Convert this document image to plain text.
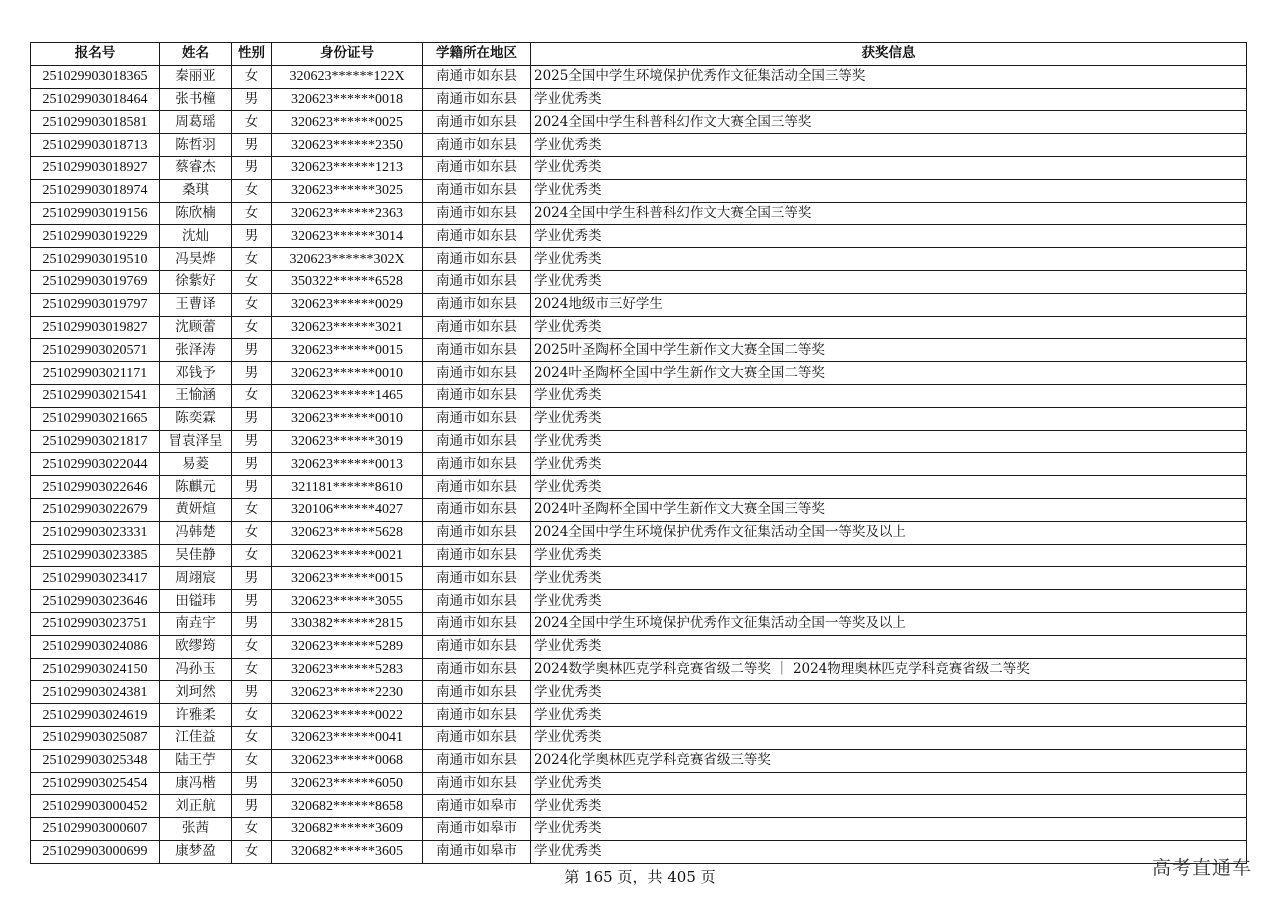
报名号	姓名	性别	身份证号	学籍所在地区	获奖信息
251029903018365	秦丽亚	女	320623******122X	南通市如东县	2025全国中学生环境保护优秀作文征集活动全国三等奖
251029903018464	张书橦	男	320623******0018	南通市如东县	学业优秀类
251029903018581	周葛瑶	女	320623******0025	南通市如东县	2024全国中学生科普科幻作文大赛全国三等奖
251029903018713	陈哲羽	男	320623******2350	南通市如东县	学业优秀类
251029903018927	蔡睿杰	男	320623******1213	南通市如东县	学业优秀类
251029903018974	桑琪	女	320623******3025	南通市如东县	学业优秀类
251029903019156	陈欣楠	女	320623******2363	南通市如东县	2024全国中学生科普科幻作文大赛全国三等奖
251029903019229	沈灿	男	320623******3014	南通市如东县	学业优秀类
251029903019510	冯昊烨	女	320623******302X	南通市如东县	学业优秀类
251029903019769	徐紫好	女	350322******6528	南通市如东县	学业优秀类
251029903019797	王曹译	女	320623******0029	南通市如东县	2024地级市三好学生
251029903019827	沈顾蕾	女	320623******3021	南通市如东县	学业优秀类
251029903020571	张泽涛	男	320623******0015	南通市如东县	2025叶圣陶杯全国中学生新作文大赛全国二等奖
251029903021171	邓钱予	男	320623******0010	南通市如东县	2024叶圣陶杯全国中学生新作文大赛全国二等奖
251029903021541	王愉涵	女	320623******1465	南通市如东县	学业优秀类
251029903021665	陈奕霖	男	320623******0010	南通市如东县	学业优秀类
251029903021817	冒袁泽呈	男	320623******3019	南通市如东县	学业优秀类
251029903022044	易菱	男	320623******0013	南通市如东县	学业优秀类
251029903022646	陈麒元	男	321181******8610	南通市如东县	学业优秀类
251029903022679	黄妍煊	女	320106******4027	南通市如东县	2024叶圣陶杯全国中学生新作文大赛全国三等奖
251029903023331	冯韩楚	女	320623******5628	南通市如东县	2024全国中学生环境保护优秀作文征集活动全国一等奖及以上
251029903023385	吴佳静	女	320623******0021	南通市如东县	学业优秀类
251029903023417	周翊宸	男	320623******0015	南通市如东县	学业优秀类
251029903023646	田镒玮	男	320623******3055	南通市如东县	学业优秀类
251029903023751	南垚宇	男	330382******2815	南通市如东县	2024全国中学生环境保护优秀作文征集活动全国一等奖及以上
251029903024086	欧缪筠	女	320623******5289	南通市如东县	学业优秀类
251029903024150	冯孙玉	女	320623******5283	南通市如东县	2024数学奥林匹克学科竞赛省级二等奖 ｜ 2024物理奥林匹克学科竞赛省级二等奖
251029903024381	刘珂然	男	320623******2230	南通市如东县	学业优秀类
251029903024619	许雅柔	女	320623******0022	南通市如东县	学业优秀类
251029903025087	江佳益	女	320623******0041	南通市如东县	学业优秀类
251029903025348	陆王苧	女	320623******0068	南通市如东县	2024化学奥林匹克学科竞赛省级三等奖
251029903025454	康冯楷	男	320623******6050	南通市如东县	学业优秀类
251029903000452	刘正航	男	320682******8658	南通市如皋市	学业优秀类
251029903000607	张茜	女	320682******3609	南通市如皋市	学业优秀类
251029903000699	康梦盈	女	320682******3605	南通市如皋市	学业优秀类
第 165 页，共 405 页	高考直通车
